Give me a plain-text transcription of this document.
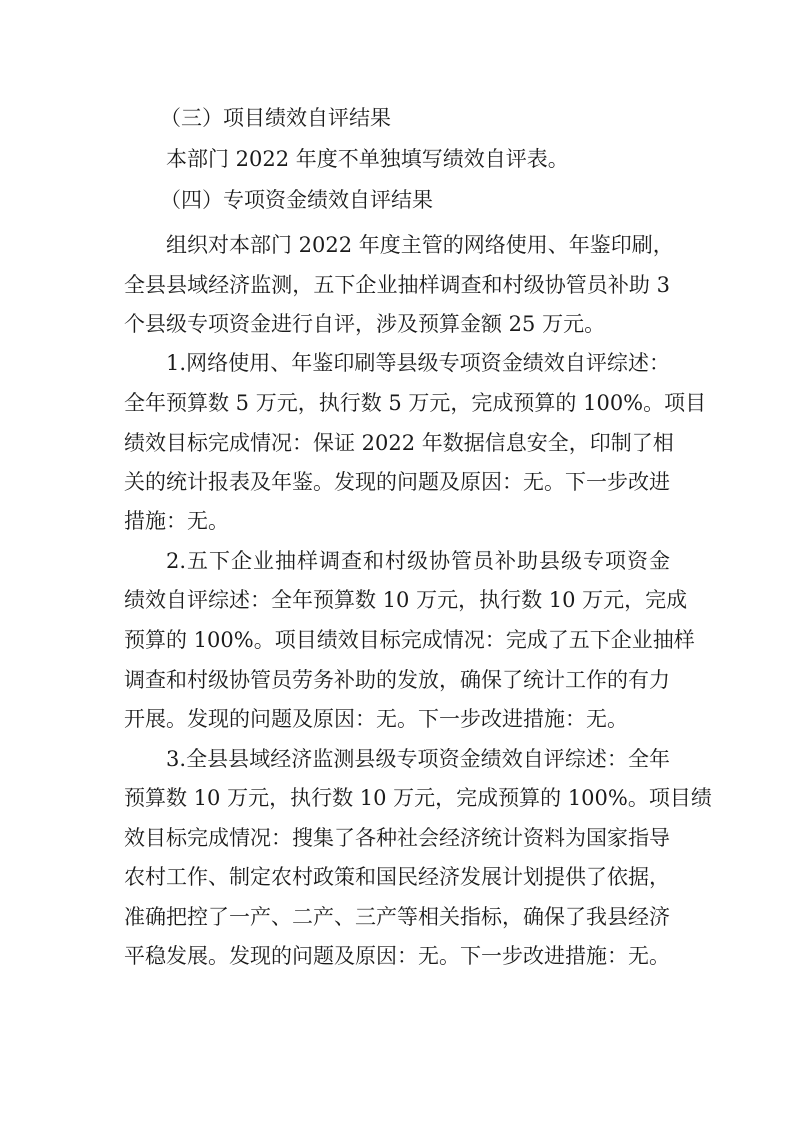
（三）项目绩效自评结果
本部门 2022 年度不单独填写绩效自评表。
（四）专项资金绩效自评结果
组织对本部门 2022 年度主管的网络使用、年鉴印刷，
全县县域经济监测，五下企业抽样调查和村级协管员补助 3
个县级专项资金进行自评，涉及预算金额 25 万元。
1.网络使用、年鉴印刷等县级专项资金绩效自评综述：
全年预算数 5 万元，执行数 5 万元，完成预算的 100%。项目
绩效目标完成情况：保证 2022 年数据信息安全，印制了相
关的统计报表及年鉴。发现的问题及原因：无。下一步改进
措施：无。
2.五下企业抽样调查和村级协管员补助县级专项资金
绩效自评综述：全年预算数 10 万元，执行数 10 万元，完成
预算的 100%。项目绩效目标完成情况：完成了五下企业抽样
调查和村级协管员劳务补助的发放，确保了统计工作的有力
开展。发现的问题及原因：无。下一步改进措施：无。
3.全县县域经济监测县级专项资金绩效自评综述：全年
预算数 10 万元，执行数 10 万元，完成预算的 100%。项目绩
效目标完成情况：搜集了各种社会经济统计资料为国家指导
农村工作、制定农村政策和国民经济发展计划提供了依据，
准确把控了一产、二产、三产等相关指标，确保了我县经济
平稳发展。发现的问题及原因：无。下一步改进措施：无。
